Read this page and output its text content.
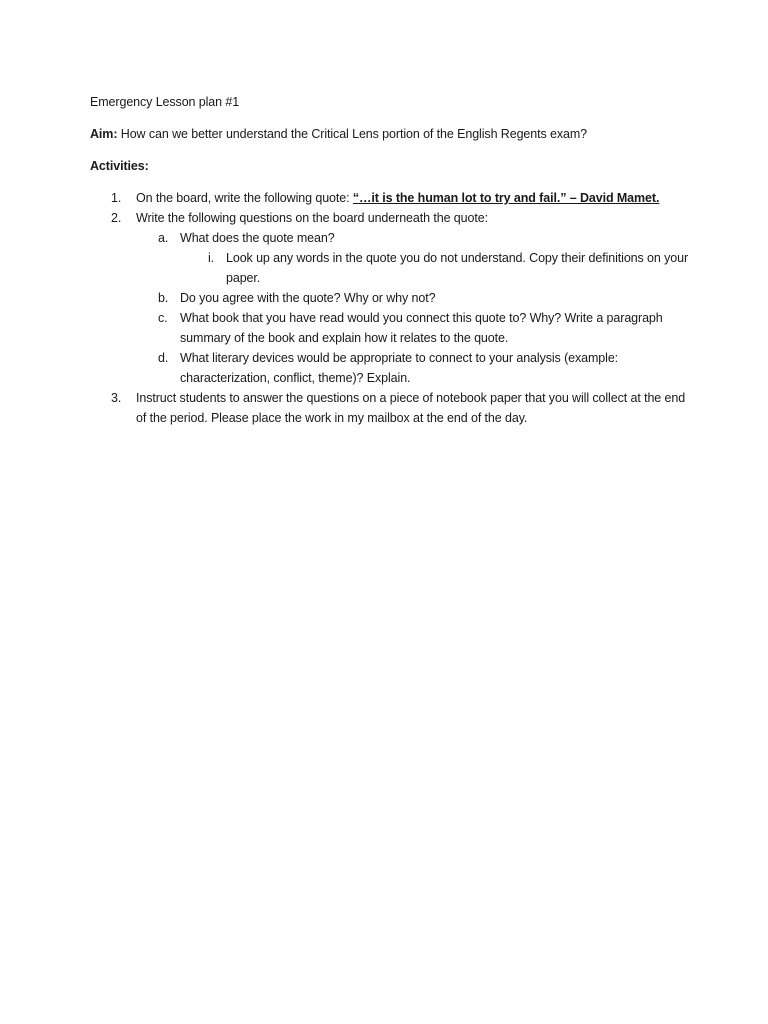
Emergency Lesson plan #1

Aim: How can we better understand the Critical Lens portion of the English Regents exam?

Activities:

1. On the board, write the following quote: “…it is the human lot to try and fail.” – David Mamet.
2. Write the following questions on the board underneath the quote:
a. What does the quote mean?
i. Look up any words in the quote you do not understand. Copy their definitions on your paper.
b. Do you agree with the quote? Why or why not?
c. What book that you have read would you connect this quote to? Why? Write a paragraph summary of the book and explain how it relates to the quote.
d. What literary devices would be appropriate to connect to your analysis (example: characterization, conflict, theme)? Explain.
3. Instruct students to answer the questions on a piece of notebook paper that you will collect at the end of the period. Please place the work in my mailbox at the end of the day.
